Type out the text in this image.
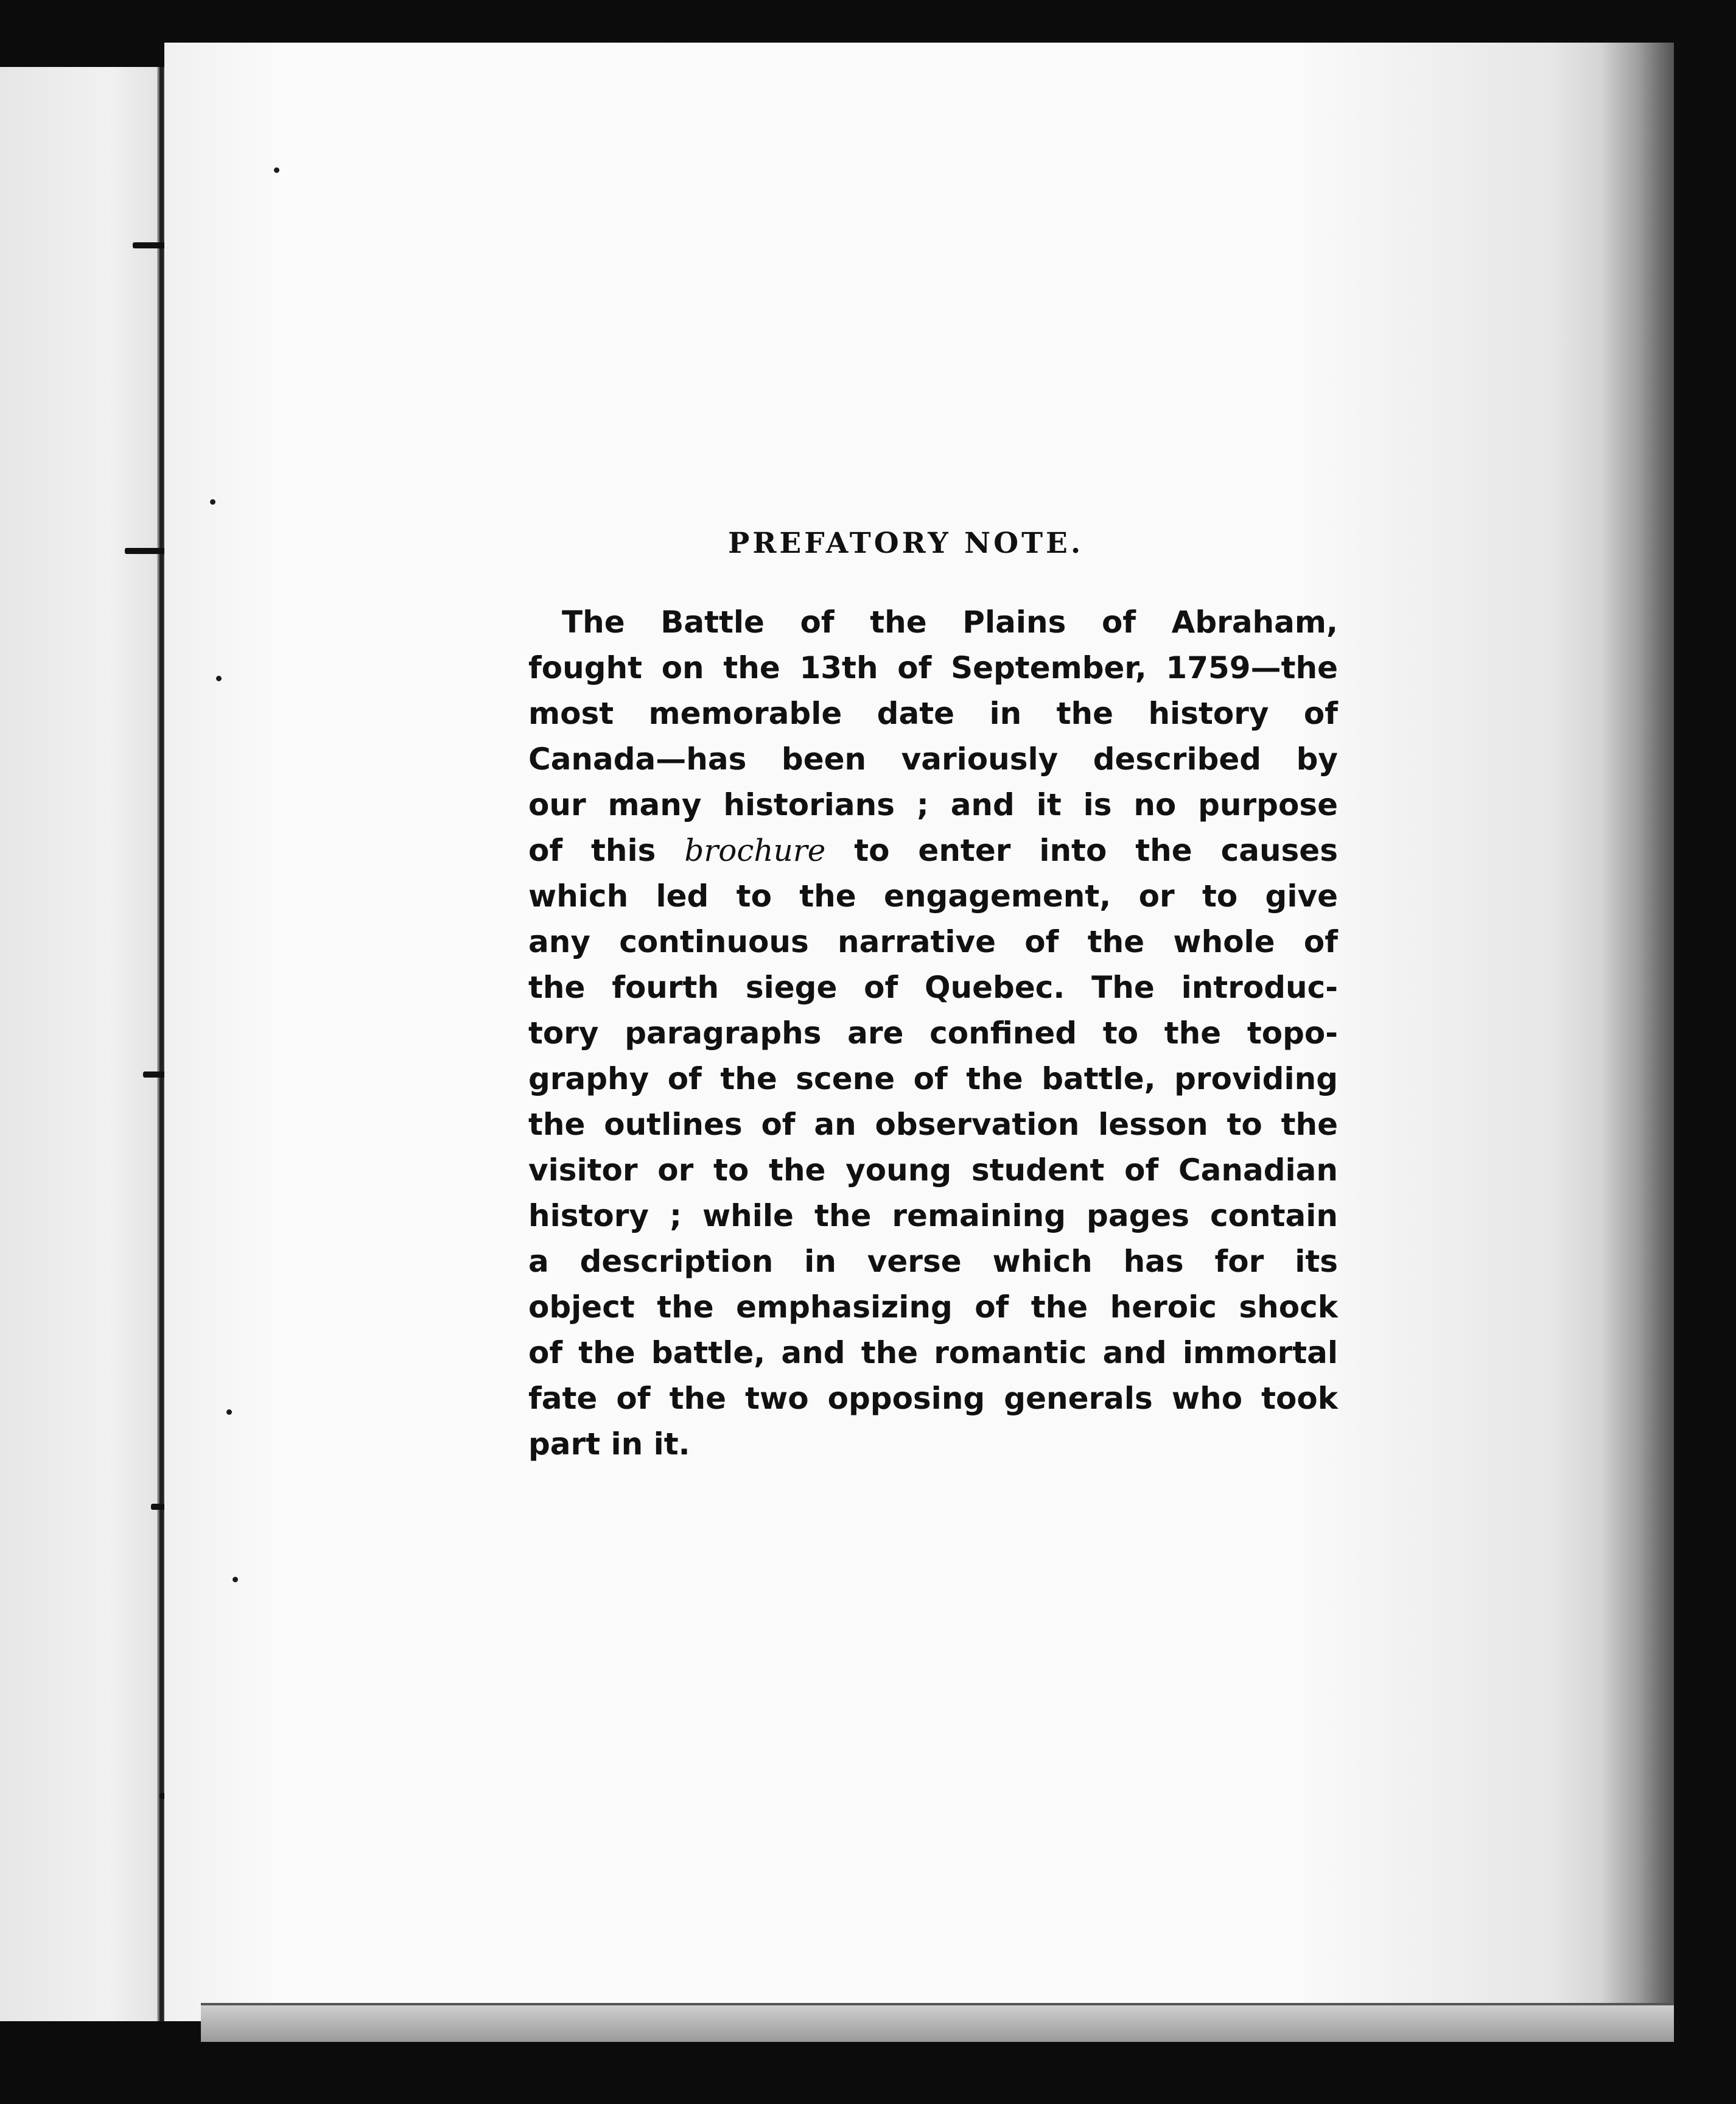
PREFATORY NOTE.
The Battle of the Plains of Abraham,
fought on the 13th of September, 1759—the
most memorable date in the history of
Canada—has been variously described by
our many historians ; and it is no purpose
of this brochure to enter into the causes
which led to the engagement, or to give
any continuous narrative of the whole of
the fourth siege of Quebec. The introduc-
tory paragraphs are confined to the topo-
graphy of the scene of the battle, providing
the outlines of an observation lesson to the
visitor or to the young student of Canadian
history ; while the remaining pages contain
a description in verse which has for its
object the emphasizing of the heroic shock
of the battle, and the romantic and immortal
fate of the two opposing generals who took
part in it.
